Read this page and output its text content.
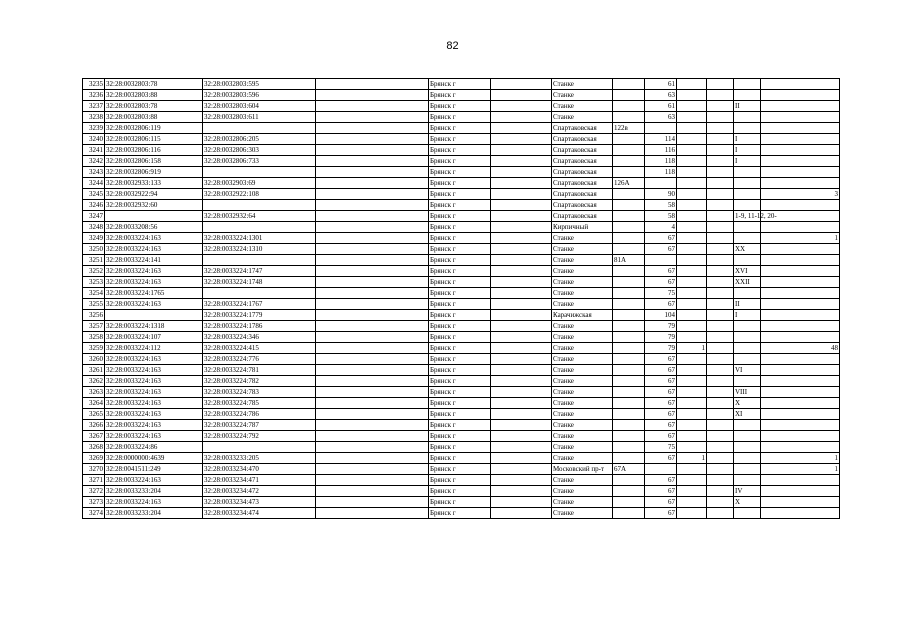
82
3235	32:28:0032803:78	32:28:0032803:595		Брянск г		Станке		61				
3236	32:28:0032803:88	32:28:0032803:596		Брянск г		Станке		63				
3237	32:28:0032803:78	32:28:0032803:604		Брянск г		Станке		61			II	
3238	32:28:0032803:88	32:28:0032803:611		Брянск г		Станке		63				
3239	32:28:0032806:119			Брянск г		Спартаковская	122в					
3240	32:28:0032806:115	32:28:0032806:205		Брянск г		Спартаковская		114			I	
3241	32:28:0032806:116	32:28:0032806:303		Брянск г		Спартаковская		116			I	
3242	32:28:0032806:158	32:28:0032806:733		Брянск г		Спартаковская		118			I	
3243	32:28:0032806:919			Брянск г		Спартаковская		118				
3244	32:28:0032933:133	32:28:0032903:69		Брянск г		Спартаковская	126А					
3245	32:28:0032922:94	32:28:0032922:108		Брянск г		Спартаковская		90				3
3246	32:28:0032932:60			Брянск г		Спартаковская		58				
3247		32:28:0032932:64		Брянск г		Спартаковская		58			1-9, 11-12, 20-	
3248	32:28:0033208:56			Брянск г		Кирпичный		4				
3249	32:28:0033224:163	32:28:0033224:1301		Брянск г		Станке		67				1
3250	32:28:0033224:163	32:28:0033224:1310		Брянск г		Станке		67			XX	
3251	32:28:0033224:141			Брянск г		Станке	81А					
3252	32:28:0033224:163	32:28:0033224:1747		Брянск г		Станке		67			XVI	
3253	32:28:0033224:163	32:28:0033224:1748		Брянск г		Станке		67			XXII	
3254	32:28:0033224:1765			Брянск г		Станке		75				
3255	32:28:0033224:163	32:28:0033224:1767		Брянск г		Станке		67			II	
3256		32:28:0033224:1779		Брянск г		Карачижская		104			I	
3257	32:28:0033224:1318	32:28:0033224:1786		Брянск г		Станке		79				
3258	32:28:0033224:107	32:28:0033224:346		Брянск г		Станке		79				
3259	32:28:0033224:112	32:28:0033224:415		Брянск г		Станке		79	1			48
3260	32:28:0033224:163	32:28:0033224:776		Брянск г		Станке		67				
3261	32:28:0033224:163	32:28:0033224:781		Брянск г		Станке		67			VI	
3262	32:28:0033224:163	32:28:0033224:782		Брянск г		Станке		67				
3263	32:28:0033224:163	32:28:0033224:783		Брянск г		Станке		67			VIII	
3264	32:28:0033224:163	32:28:0033224:785		Брянск г		Станке		67			X	
3265	32:28:0033224:163	32:28:0033224:786		Брянск г		Станке		67			XI	
3266	32:28:0033224:163	32:28:0033224:787		Брянск г		Станке		67				
3267	32:28:0033224:163	32:28:0033224:792		Брянск г		Станке		67				
3268	32:28:0033224:86			Брянск г		Станке		75				
3269	32:28:0000000:4639	32:28:0033233:205		Брянск г		Станке		67	1			1
3270	32:28:0041511:249	32:28:0033234:470		Брянск г		Московский пр-т	67А					1
3271	32:28:0033224:163	32:28:0033234:471		Брянск г		Станке		67				
3272	32:28:0033233:204	32:28:0033234:472		Брянск г		Станке		67			IV	
3273	32:28:0033224:163	32:28:0033234:473		Брянск г		Станке		67			X	
3274	32:28:0033233:204	32:28:0033234:474		Брянск г		Станке		67				
